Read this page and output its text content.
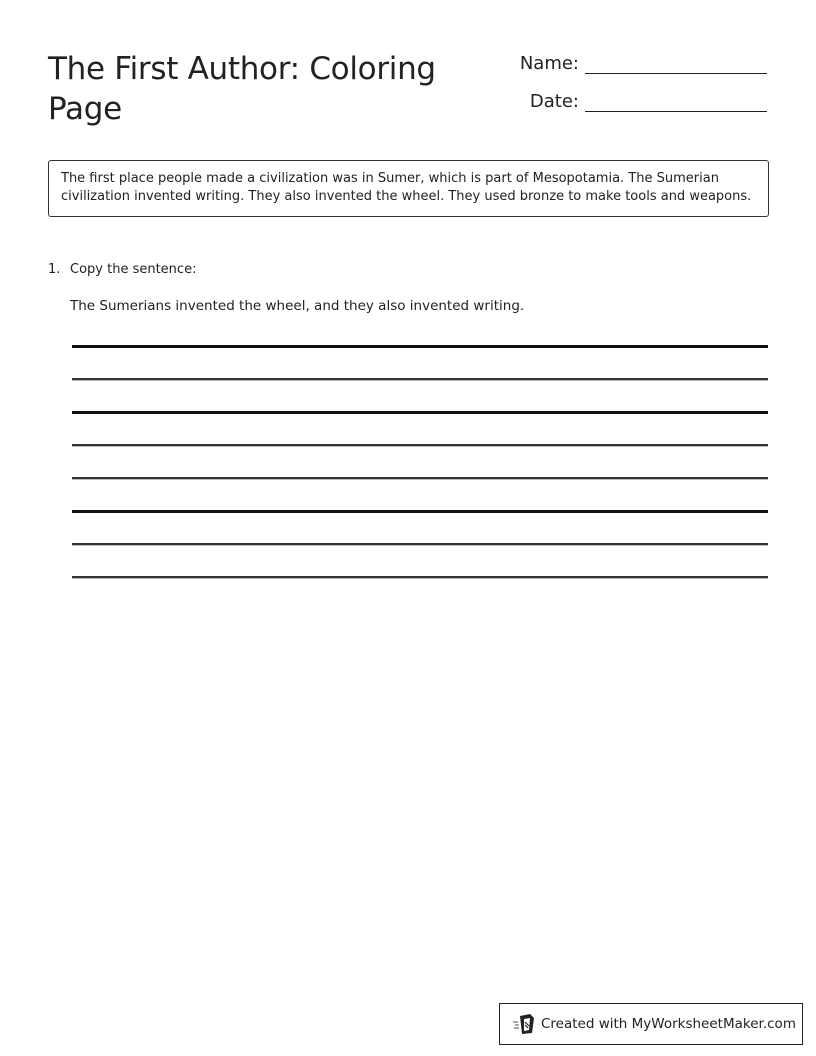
The First Author: Coloring Page
Name:
Date:
The first place people made a civilization was in Sumer, which is part of Mesopotamia. The Sumerian civilization invented writing. They also invented the wheel. They used bronze to make tools and weapons.
1. Copy the sentence:
The Sumerians invented the wheel, and they also invented writing.
Created with MyWorksheetMaker.com
